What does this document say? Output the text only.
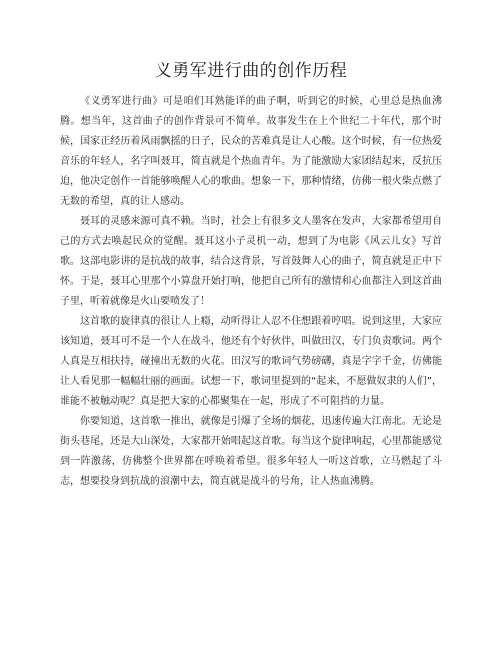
义勇军进行曲的创作历程

《义勇军进行曲》可是咱们耳熟能详的曲子啊，听到它的时候，心里总是热血沸腾。想当年，这首曲子的创作背景可不简单。故事发生在上个世纪二十年代，那个时候，国家正经历着风雨飘摇的日子，民众的苦难真是让人心酸。这个时候，有一位热爱音乐的年轻人，名字叫聂耳，简直就是个热血青年。为了能激励大家团结起来，反抗压迫，他决定创作一首能够唤醒人心的歌曲。想象一下，那种情绪，仿佛一根火柴点燃了无数的希望，真的让人感动。

聂耳的灵感来源可真不赖。当时，社会上有很多文人墨客在发声，大家都希望用自己的方式去唤起民众的觉醒。聂耳这小子灵机一动，想到了为电影《风云儿女》写首歌。这部电影讲的是抗战的故事，结合这背景，写首鼓舞人心的曲子，简直就是正中下怀。于是，聂耳心里那个小算盘开始打响，他把自己所有的激情和心血都注入到这首曲子里，听着就像是火山要喷发了！

这首歌的旋律真的很让人上瘾，动听得让人忍不住想跟着哼唱。说到这里，大家应该知道，聂耳可不是一个人在战斗，他还有个好伙伴，叫做田汉，专门负责歌词。两个人真是互相扶持，碰撞出无数的火花。田汉写的歌词气势磅礴，真是字字千金，仿佛能让人看见那一幅幅壮丽的画面。试想一下，歌词里提到的“起来，不愿做奴隶的人们”，谁能不被触动呢？真是把大家的心都聚集在一起，形成了不可阻挡的力量。

你要知道，这首歌一推出，就像是引爆了全场的烟花，迅速传遍大江南北。无论是街头巷尾，还是大山深处，大家都开始唱起这首歌。每当这个旋律响起，心里都能感觉到一阵激荡，仿佛整个世界都在呼唤着希望。很多年轻人一听这首歌，立马燃起了斗志，想要投身到抗战的浪潮中去，简直就是战斗的号角，让人热血沸腾。
